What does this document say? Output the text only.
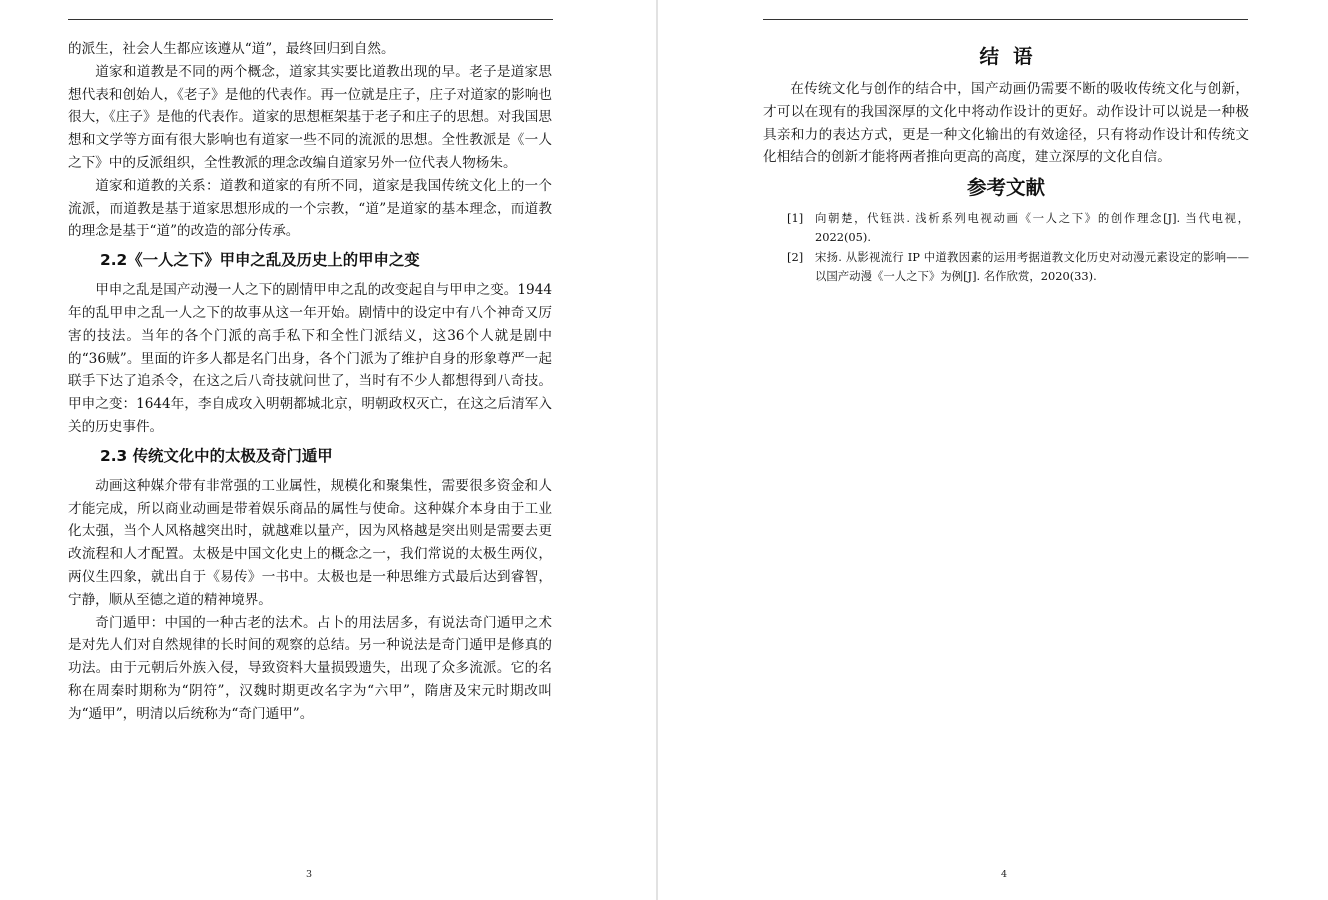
的派生，社会人生都应该遵从“道”，最终回归到自然。

道家和道教是不同的两个概念，道家其实要比道教出现的早。老子是道家思想代表和创始人，《老子》是他的代表作。再一位就是庄子，庄子对道家的影响也很大，《庄子》是他的代表作。道家的思想框架基于老子和庄子的思想。对我国思想和文学等方面有很大影响也有道家一些不同的流派的思想。全性教派是《一人之下》中的反派组织，全性教派的理念改编自道家另外一位代表人物杨朱。

道家和道教的关系：道教和道家的有所不同，道家是我国传统文化上的一个流派，而道教是基于道家思想形成的一个宗教，“道”是道家的基本理念，而道教的理念是基于“道”的改造的部分传承。

2.2《一人之下》甲申之乱及历史上的甲申之变

甲申之乱是国产动漫一人之下的剧情甲申之乱的改变起自与甲申之变。1944年的乱甲申之乱一人之下的故事从这一年开始。剧情中的设定中有八个神奇又厉害的技法。当年的各个门派的高手私下和全性门派结义，这36个人就是剧中的“36贼”。里面的许多人都是名门出身，各个门派为了维护自身的形象尊严一起联手下达了追杀令，在这之后八奇技就问世了，当时有不少人都想得到八奇技。甲申之变：1644年，李自成攻入明朝都城北京，明朝政权灭亡，在这之后清军入关的历史事件。

2.3 传统文化中的太极及奇门遁甲

动画这种媒介带有非常强的工业属性，规模化和聚集性，需要很多资金和人才能完成，所以商业动画是带着娱乐商品的属性与使命。这种媒介本身由于工业化太强，当个人风格越突出时，就越难以量产，因为风格越是突出则是需要去更改流程和人才配置。太极是中国文化史上的概念之一，我们常说的太极生两仪，两仪生四象，就出自于《易传》一书中。太极也是一种思维方式最后达到睿智，宁静，顺从至德之道的精神境界。

奇门遁甲：中国的一种古老的法术。占卜的用法居多，有说法奇门遁甲之术是对先人们对自然规律的长时间的观察的总结。另一种说法是奇门遁甲是修真的功法。由于元朝后外族入侵，导致资料大量损毁遗失，出现了众多流派。它的名称在周秦时期称为“阴符”，汉魏时期更改名字为“六甲”，隋唐及宋元时期改叫为“遁甲”，明清以后统称为“奇门遁甲”。

3
结语

在传统文化与创作的结合中，国产动画仍需要不断的吸收传统文化与创新，才可以在现有的我国深厚的文化中将动作设计的更好。动作设计可以说是一种极具亲和力的表达方式，更是一种文化输出的有效途径，只有将动作设计和传统文化相结合的创新才能将两者推向更高的高度，建立深厚的文化自信。

参考文献
[1]	向朝楚，代钰洪. 浅析系列电视动画《一人之下》的创作理念[J]. 当代电视，2022(05).
[2]	宋扬. 从影视流行 IP 中道教因素的运用考据道教文化历史对动漫元素设定的影响——以国产动漫《一人之下》为例[J]. 名作欣赏，2020(33).
4
